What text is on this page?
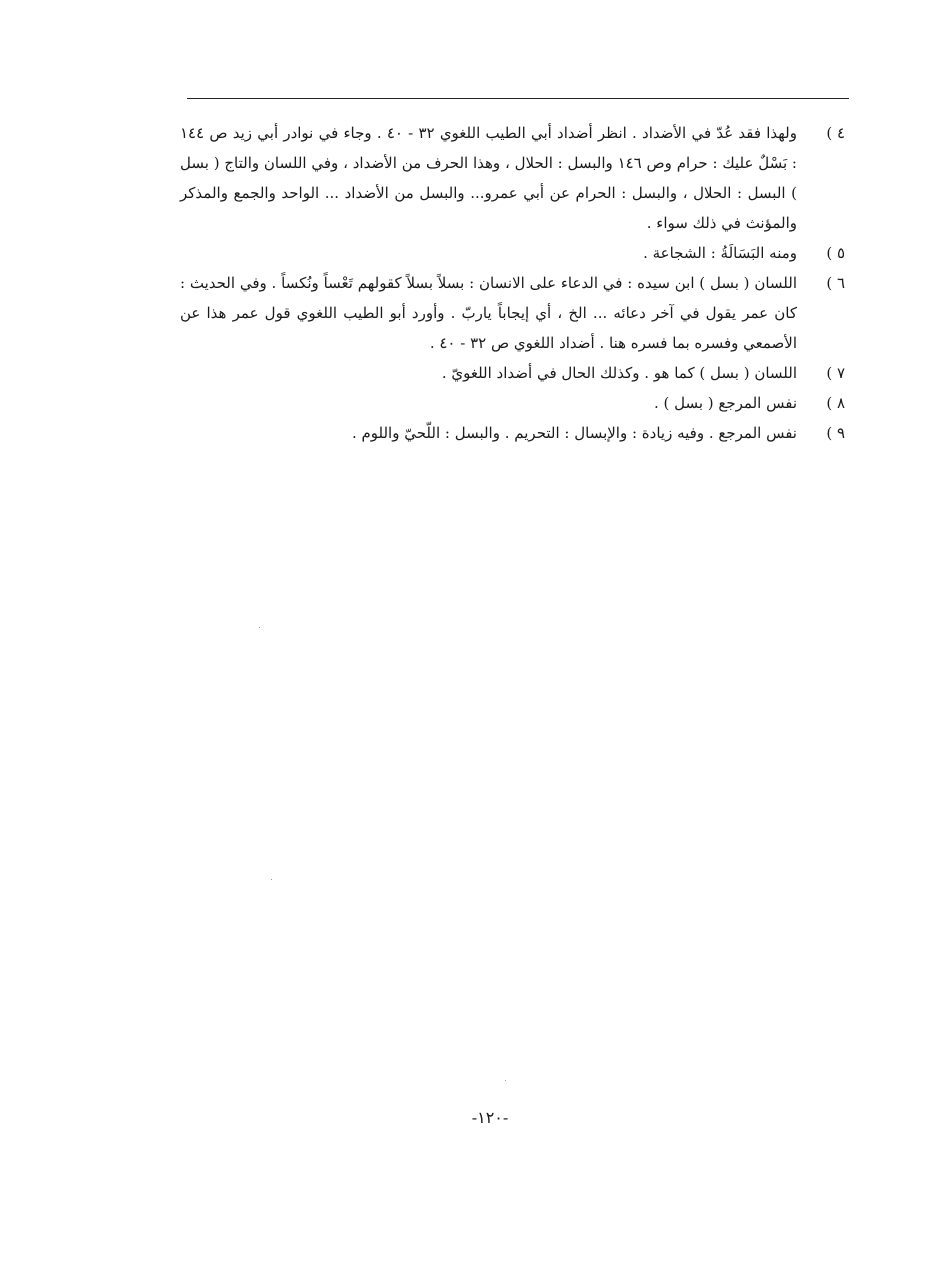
٤ )
ولهذا فقد عُدّ في الأضداد . انظر أضداد أبي الطيب اللغوي ٣٢ - ٤٠ . وجاء في نوادر أبي زيد ص ١٤٤ : بَسْلٌ عليك : حرام وص ١٤٦ والبسل : الحلال ، وهذا الحرف من الأضداد ، وفي اللسان والتاج ( بسل ) البسل : الحلال ، والبسل : الحرام عن أبي عمرو... والبسل من الأضداد ... الواحد والجمع والمذكر والمؤنث في ذلك سواء .

٥ )
ومنه البَسَالَةُ : الشجاعة .

٦ )
اللسان ( بسل ) ابن سيده : في الدعاء على الانسان : بسلاً بسلاً كقولهم تَعْساً ونُكساً . وفي الحديث : كان عمر يقول في آخر دعائه ... الخ ، أي إيجاباً ياربّ . وأورد أبو الطيب اللغوي قول عمر هذا عن الأصمعي وفسره بما فسره هنا . أضداد اللغوي ص ٣٢ - ٤٠ .

٧ )
اللسان ( بسل ) كما هو . وكذلك الحال في أضداد اللغويّ .

٨ )
نفس المرجع ( بسل ) .

٩ )
نفس المرجع . وفيه زيادة : والإبسال : التحريم . والبسل : اللّحيّ واللوم .

-١٢٠-
